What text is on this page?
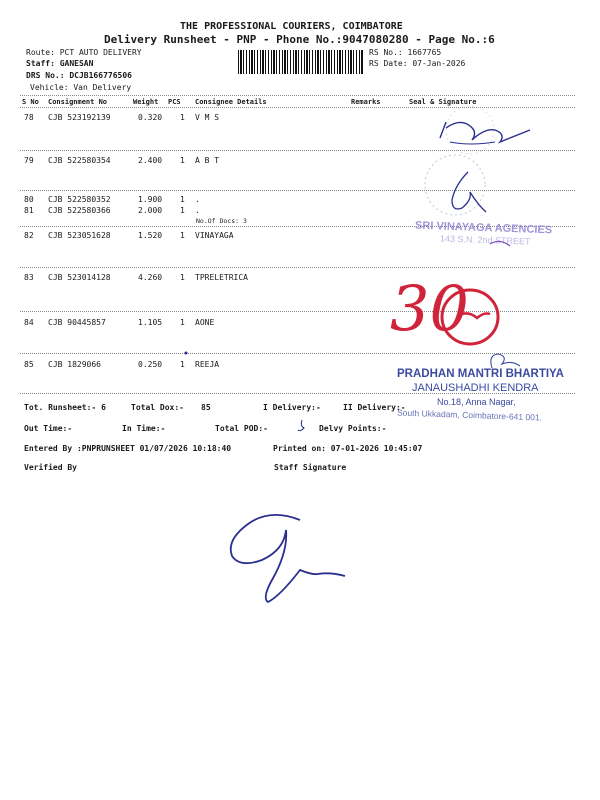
THE PROFESSIONAL COURIERS, COIMBATORE
Delivery Runsheet - PNP - Phone No.:9047080280 - Page No.:6
Route: PCT AUTO DELIVERY
Staff: GANESAN
DRS No.: DCJB166776506
Vehicle: Van Delivery
RS No.: 1667765
RS Date: 07-Jan-2026
S No Consignment No	Weight PCS Consignee Details	Remarks	Seal & Signature
78 CJB 523192139	0.320 1 V M S
79 CJB 522580354	2.400 1 A B T
80 CJB 522580352	1.900 1 .
81 CJB 522580366	2.000 1 .
No.Of Docs: 3
82 CJB 523051628	1.520 1 VINAYAGA
83 CJB 523014128	4.260 1 TPRELETRICA
84 CJB 90445857	1.105 1 AONE
85 CJB 1829066	0.250 1 REEJA
Tot. Runsheet:- 6	Total Dox:- 85	I Delivery:-	II Delivery:-
Out Time:-	In Time:-	Total POD:-	Delvy Points:-
Entered By :PNPRUNSHEET 01/07/2026 10:18:40	Printed on: 07-01-2026 10:45:07
Verified By	Staff Signature
SRI VINAYAGA AGENCIES
143 S.N. 2nd STREET
PRADHAN MANTRI BHARTIYA
JANAUSHADHI KENDRA
No.18, Anna Nagar,
South Ukkadam, Coimbatore-641 001.
30
